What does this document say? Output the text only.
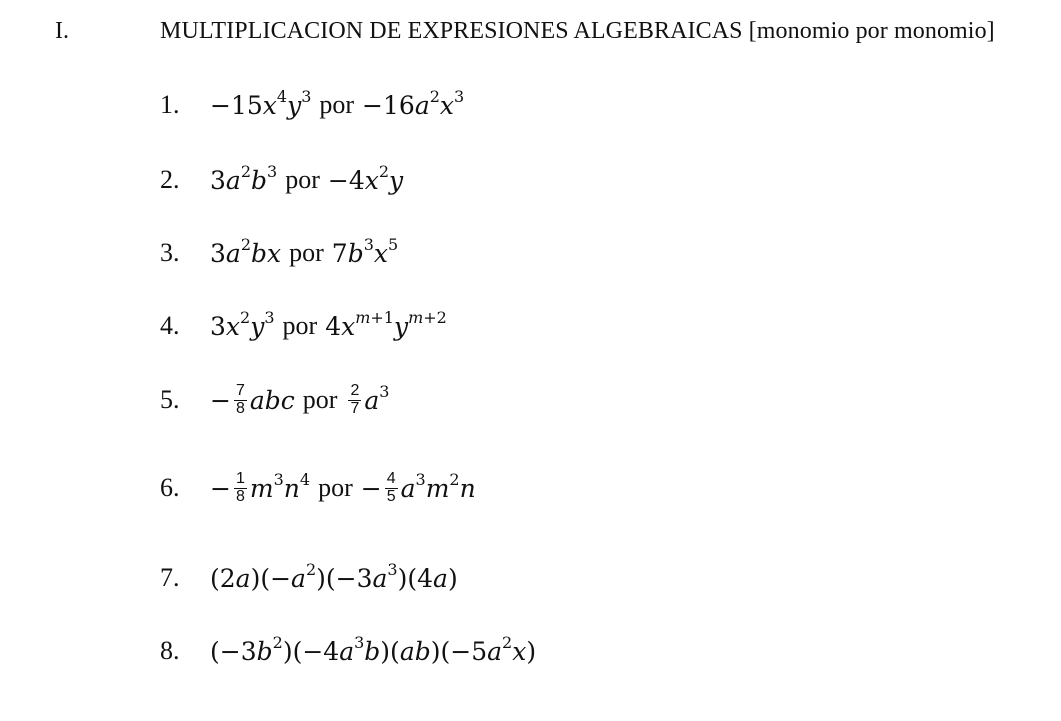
I.	MULTIPLICACION DE EXPRESIONES ALGEBRAICAS [monomio por monomio]
1.	−15 $x^4$ $y^3$ por −16 $a^2$ $x^3$
2.	3 $a^2$ $b^3$ por −4 $x^2$ y
3.	3 $a^2$ bx por 7 $b^3$ $x^5$
4.	3 $x^2$ $y^3$ por 4 x $^{m+1}$ y $^{m+2}$
5.	− $\frac{7}{8}$ abc por $\frac{2}{7} a^3$
6.	− $\frac{1}{8} m^3$ $n^4$ por − $\frac{4}{5} a^3$ $m^2$ n
7.	(2 a )(− $a^2$ )(−3 $a^3$ )(4 a )
8.	(−3 $b^2$ )(−4 $a^3$ b )( ab )(−5 $a^2$ x )
